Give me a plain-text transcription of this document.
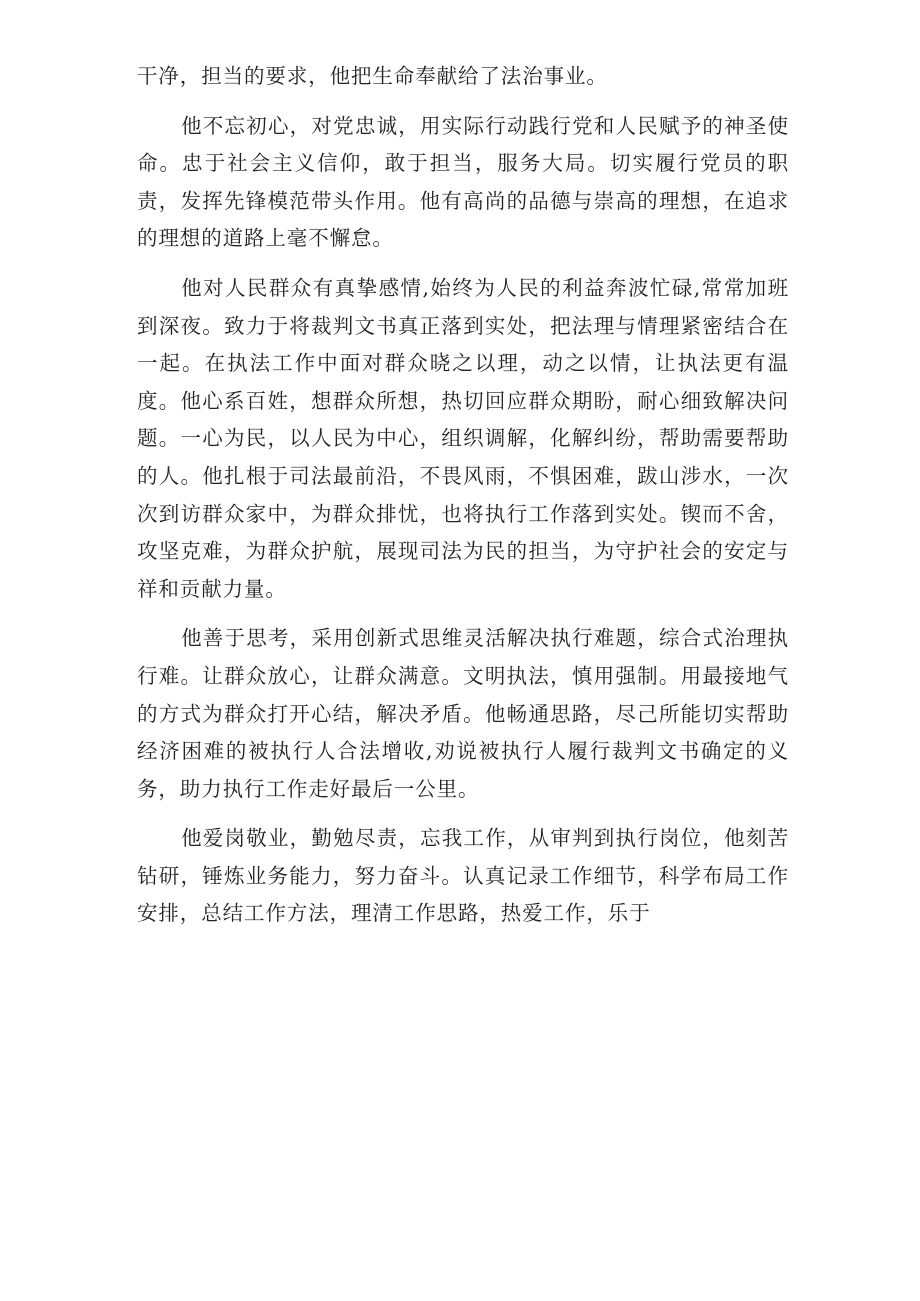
干净，担当的要求，他把生命奉献给了法治事业。

他不忘初心，对党忠诚，用实际行动践行党和人民赋予的神圣使命。忠于社会主义信仰，敢于担当，服务大局。切实履行党员的职责，发挥先锋模范带头作用。他有高尚的品德与崇高的理想，在追求的理想的道路上毫不懈怠。

他对人民群众有真挚感情,始终为人民的利益奔波忙碌,常常加班到深夜。致力于将裁判文书真正落到实处，把法理与情理紧密结合在一起。在执法工作中面对群众晓之以理，动之以情，让执法更有温度。他心系百姓，想群众所想，热切回应群众期盼，耐心细致解决问题。一心为民，以人民为中心，组织调解，化解纠纷，帮助需要帮助的人。他扎根于司法最前沿，不畏风雨，不惧困难，跋山涉水，一次次到访群众家中，为群众排忧，也将执行工作落到实处。锲而不舍，攻坚克难，为群众护航，展现司法为民的担当，为守护社会的安定与祥和贡献力量。

他善于思考，采用创新式思维灵活解决执行难题，综合式治理执行难。让群众放心，让群众满意。文明执法，慎用强制。用最接地气的方式为群众打开心结，解决矛盾。他畅通思路，尽己所能切实帮助经济困难的被执行人合法增收,劝说被执行人履行裁判文书确定的义务，助力执行工作走好最后一公里。

他爱岗敬业，勤勉尽责，忘我工作，从审判到执行岗位，他刻苦钻研，锤炼业务能力，努力奋斗。认真记录工作细节，科学布局工作安排，总结工作方法，理清工作思路，热爱工作，乐于
